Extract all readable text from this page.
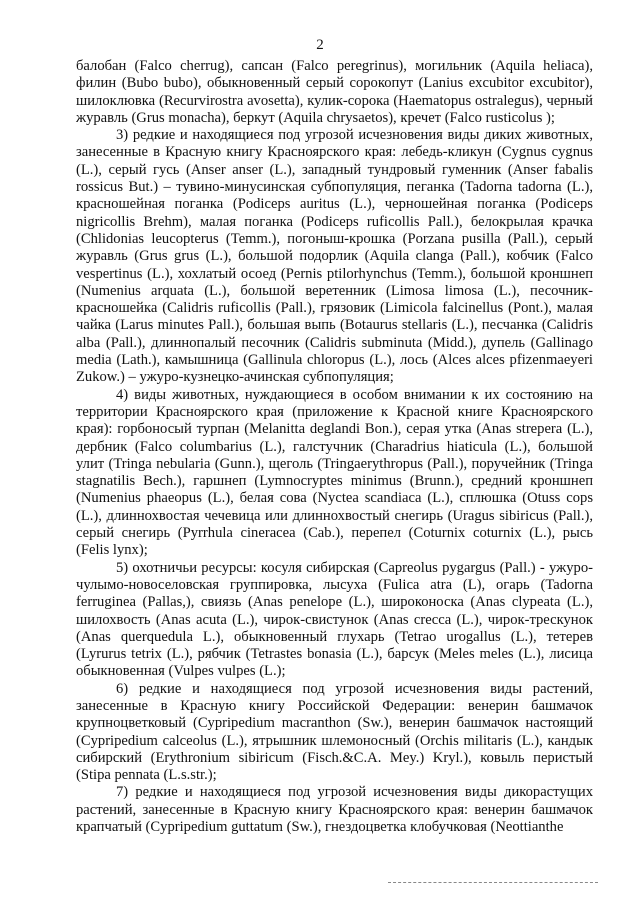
2

балобан (Falco cherrug), сапсан (Falco peregrinus), могильник (Aquila heliaca), филин (Bubo bubo), обыкновенный серый сорокопут (Lanius excubitor excubitor), шилоклювка (Recurvirostra avosetta), кулик-сорока (Haematopus ostralegus), черный журавль (Grus monacha), беркут (Aquila chrysaetos), кречет (Falco rusticolus );

3) редкие и находящиеся под угрозой исчезновения виды диких животных, занесенные в Красную книгу Красноярского края: лебедь-кликун (Cygnus cygnus (L.), серый гусь (Anser anser (L.), западный тундровый гуменник (Anser fabalis rossicus But.) – тувино-минусинская субпопуляция, пеганка (Tadorna tadorna (L.), красношейная поганка (Podiceps auritus (L.), черношейная поганка (Podiceps nigricollis Brehm), малая поганка (Podiceps ruficollis Pall.), белокрылая крачка (Chlidonias leucopterus (Temm.), погоныш-крошка (Porzana pusilla (Pall.), серый журавль (Grus grus (L.), большой подорлик (Aquila clanga (Pall.), кобчик (Falco vespertinus (L.), хохлатый осоед (Pernis ptilorhynchus (Temm.), большой кроншнеп (Numenius arquata (L.), большой веретенник (Limosa limosa (L.), песочник-красношейка (Calidris ruficollis (Pall.), грязовик (Limicola falcinellus (Pont.), малая чайка (Larus minutes Pall.), большая выпь (Botaurus stellaris (L.), песчанка (Calidris alba (Pall.), длиннопалый песочник (Calidris subminuta (Midd.), дупель (Gallinago media (Lath.), камышница (Gallinula chloropus (L.), лось (Alces alces pfizenmaeyeri Zukow.) – ужуро-кузнецко-ачинская субпопуляция;

4) виды животных, нуждающиеся в особом внимании к их состоянию на территории Красноярского края (приложение к Красной книге Красноярского края): горбоносый турпан (Melanitta deglandi Bon.), серая утка (Anas strepera (L.), дербник (Falco columbarius (L.), галстучник (Charadrius hiaticula (L.), большой улит (Tringa nebularia (Gunn.), щеголь (Tringaerythropus (Pall.), поручейник (Tringa stagnatilis Bech.), гаршнеп (Lymnocryptes minimus (Brunn.), средний кроншнеп (Numenius phaeopus (L.), белая сова (Nyctea scandiaca (L.), сплюшка (Otuss cops (L.), длиннохвостая чечевица или длиннохвостый снегирь (Uragus sibiricus (Pall.), серый снегирь (Pyrrhula cineracea (Cab.), перепел (Coturnix coturnix (L.), рысь (Felis lynx);

5) охотничьи ресурсы: косуля сибирская (Capreolus pygargus (Pall.) - ужуро-чулымо-новоселовская группировка, лысуха (Fulica atra (L), огарь (Tadorna ferruginea (Pallas,), свиязь (Anas penelope (L.), широконоска (Anas clypeata (L.), шилохвость (Anas acuta (L.), чирок-свистунок (Anas crecca (L.), чирок-трескунок (Anas querquedula L.), обыкновенный глухарь (Tetrao urogallus (L.), тетерев (Lyrurus tetrix (L.), рябчик (Tetrastes bonasia (L.), барсук (Meles meles (L.), лисица обыкновенная (Vulpes vulpes (L.);

6) редкие и находящиеся под угрозой исчезновения виды растений, занесенные в Красную книгу Российской Федерации: венерин башмачок крупноцветковый (Cypripedium macranthon (Sw.), венерин башмачок настоящий (Cypripedium calceolus (L.), ятрышник шлемоносный (Orchis militaris (L.), кандык сибирский (Erythronium sibiricum (Fisch.&C.A. Mey.) Kryl.), ковыль перистый (Stipa pennata (L.s.str.);

7) редкие и находящиеся под угрозой исчезновения виды дикорастущих растений, занесенные в Красную книгу Красноярского края: венерин башмачок крапчатый (Cypripedium guttatum (Sw.), гнездоцветка клобучковая (Neottianthe
